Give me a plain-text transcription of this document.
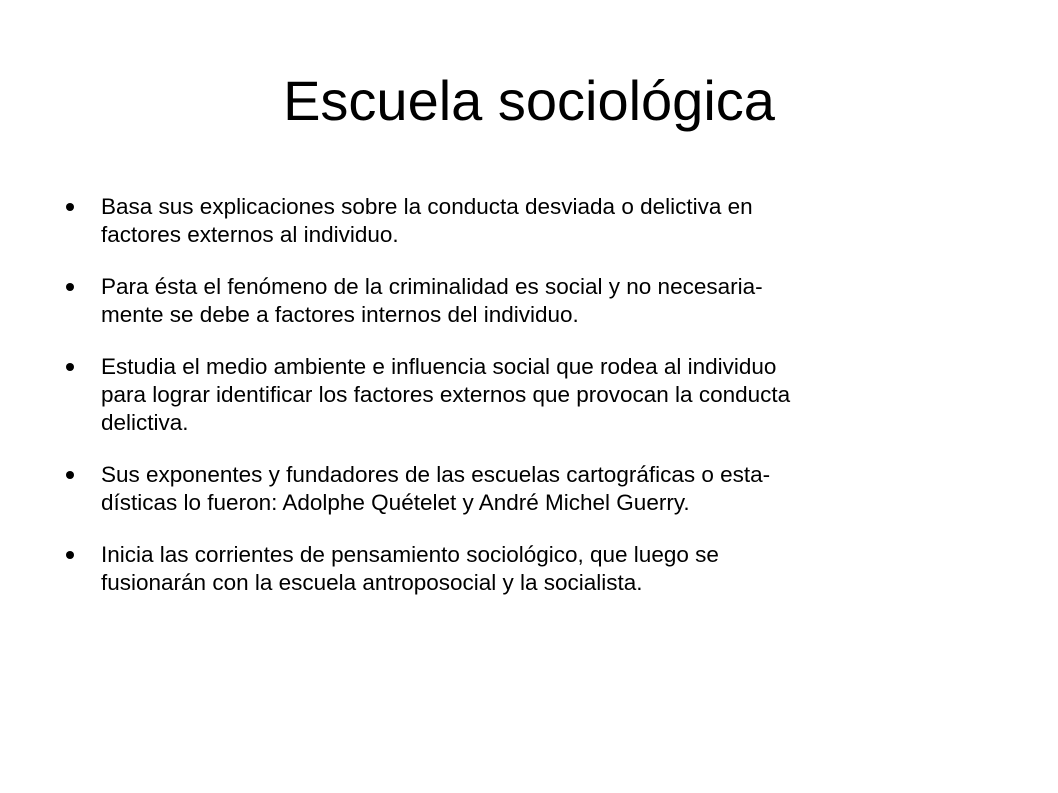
Escuela sociológica
Basa sus explicaciones sobre la conducta desviada o delictiva en
factores externos al individuo.
Para ésta el fenómeno de la criminalidad es social y no necesaria-
mente se debe a factores internos del individuo.
Estudia el medio ambiente e influencia social que rodea al individuo
para lograr identificar los factores externos que provocan la conducta
delictiva.
Sus exponentes y fundadores de las escuelas cartográficas o esta-
dísticas lo fueron: Adolphe Quételet y André Michel Guerry.
Inicia las corrientes de pensamiento sociológico, que luego se
fusionarán con la escuela antroposocial y la socialista.
